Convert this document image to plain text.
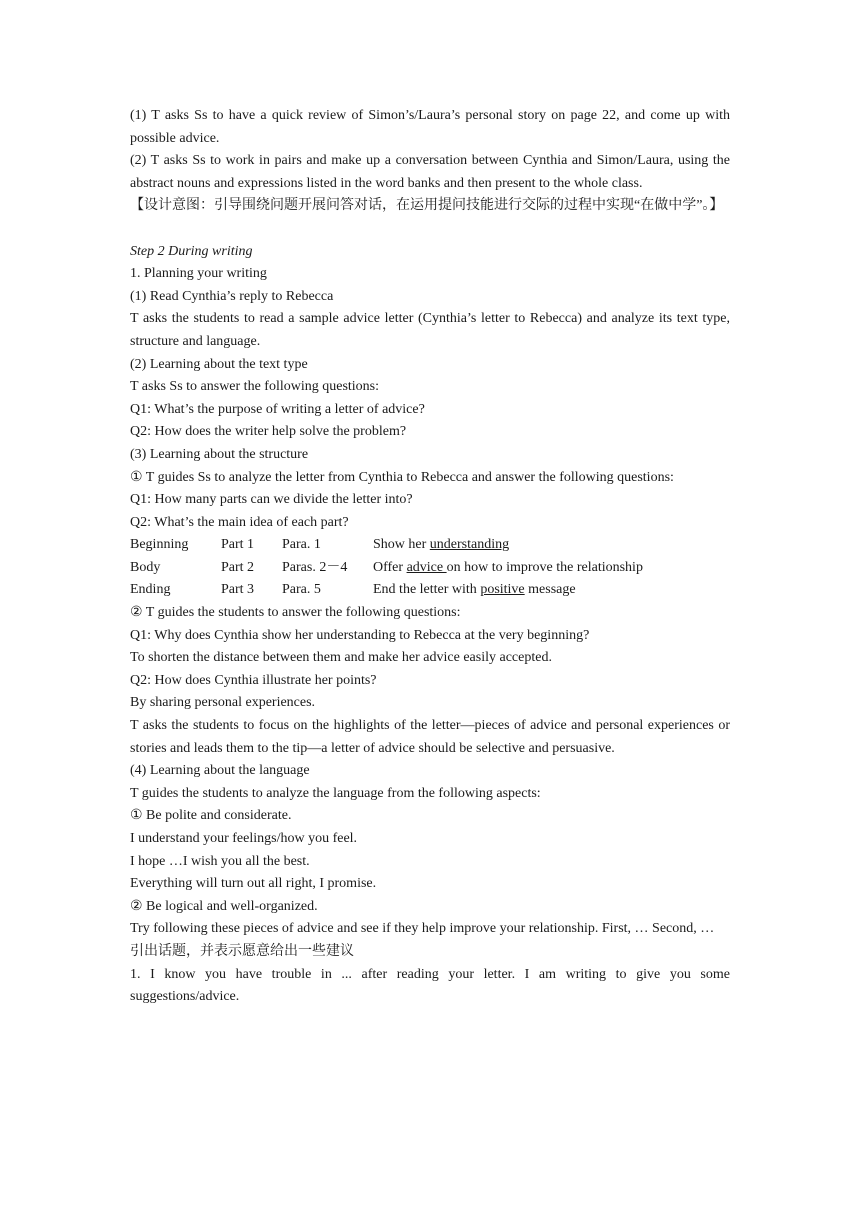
(1) T asks Ss to have a quick review of Simon’s/Laura’s personal story on page 22, and come up with possible advice.

(2) T asks Ss to work in pairs and make up a conversation between Cynthia and Simon/Laura, using the abstract nouns and expressions listed in the word banks and then present to the whole class.

【设计意图：引导围绕问题开展问答对话，在运用提问技能进行交际的过程中实现“在做中学”。】

Step 2 During writing

1. Planning your writing

(1) Read Cynthia’s reply to Rebecca

T asks the students to read a sample advice letter (Cynthia’s letter to Rebecca) and analyze its text type, structure and language.

(2) Learning about the text type

T asks Ss to answer the following questions:

Q1: What’s the purpose of writing a letter of advice?

Q2: How does the writer help solve the problem?

(3) Learning about the structure

① T guides Ss to analyze the letter from Cynthia to Rebecca and answer the following questions:

Q1: How many parts can we divide the letter into?

Q2: What’s the main idea of each part?

Beginning	Part 1	Para. 1	Show her understanding
Body	Part 2	Paras. 2－4	Offer advice on how to improve the relationship
Ending	Part 3	Para. 5	End the letter with positive message

② T guides the students to answer the following questions:

Q1: Why does Cynthia show her understanding to Rebecca at the very beginning?

To shorten the distance between them and make her advice easily accepted.

Q2: How does Cynthia illustrate her points?

By sharing personal experiences.

T asks the students to focus on the highlights of the letter—pieces of advice and personal experiences or stories and leads them to the tip—a letter of advice should be selective and persuasive.

(4) Learning about the language

T guides the students to analyze the language from the following aspects:

① Be polite and considerate.

I understand your feelings/how you feel.

I hope …I wish you all the best.

Everything will turn out all right, I promise.

② Be logical and well-organized.

Try following these pieces of advice and see if they help improve your relationship. First, … Second, …

引出话题，并表示愿意给出一些建议

1. I know you have trouble in ... after reading your letter. I am writing to give you some suggestions/advice.
